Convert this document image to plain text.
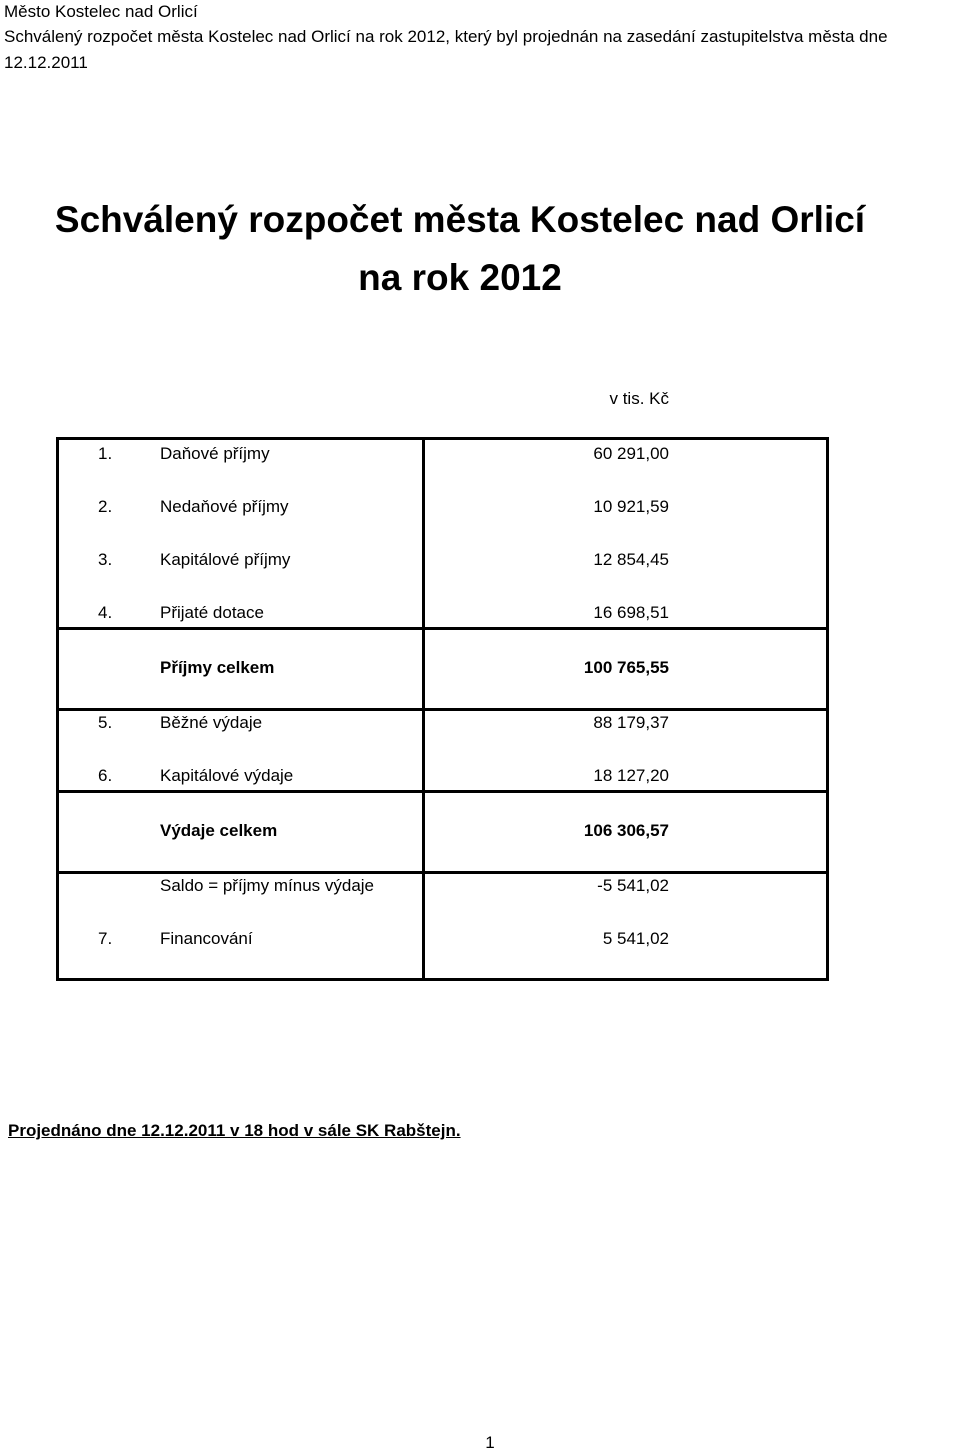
Město Kostelec nad Orlicí
Schválený rozpočet města Kostelec nad Orlicí na rok 2012, který byl projednán na zasedání zastupitelstva města dne
12.12.2011
Schválený rozpočet města Kostelec nad Orlicí
na rok 2012
v tis. Kč
1.	Daňové příjmy	60 291,00
2.	Nedaňové příjmy	10 921,59
3.	Kapitálové příjmy	12 854,45
4.	Přijaté dotace	16 698,51
Příjmy celkem	100 765,55
5.	Běžné výdaje	88 179,37
6.	Kapitálové výdaje	18 127,20
Výdaje celkem	106 306,57
Saldo = příjmy mínus výdaje	-5 541,02
7.	Financování	5 541,02
Projednáno dne 12.12.2011 v 18 hod v sále SK Rabštejn.
1
